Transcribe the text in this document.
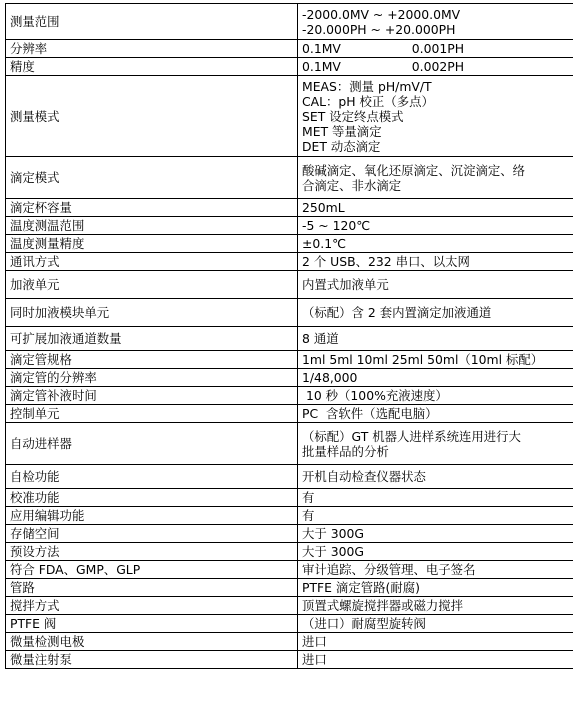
测量范围	-2000.0MV ~ +2000.0MV
-20.000PH ~ +20.000PH

分辨率	0.1MV                  0.001PH

精度	0.1MV                  0.002PH

测量模式	MEAS：测量 pH/mV/T
CAL：pH 校正（多点）
SET 设定终点模式
MET 等量滴定
DET 动态滴定

滴定模式	酸碱滴定、氧化还原滴定、沉淀滴定、络
合滴定、非水滴定

滴定杯容量	250mL

温度测温范围	-5 ~ 120℃

温度测量精度	±0.1℃

通讯方式	2 个 USB、232 串口、以太网

加液单元	内置式加液单元

同时加液模块单元	（标配）含 2 套内置滴定加液通道

可扩展加液通道数量	8 通道

滴定管规格	1ml 5ml 10ml 25ml 50ml（10ml 标配）

滴定管的分辨率	1/48,000

滴定管补液时间	10 秒（100%充液速度）

控制单元	PC  含软件（选配电脑）

自动进样器	（标配）GT 机器人进样系统连用进行大
批量样品的分析

自检功能	开机自动检查仪器状态

校准功能	有

应用编辑功能	有

存储空间	大于 300G

预设方法	大于 300G

符合 FDA、GMP、GLP	审计追踪、分级管理、电子签名

管路	PTFE 滴定管路(耐腐)

搅拌方式	顶置式螺旋搅拌器或磁力搅拌

PTFE 阀	（进口）耐腐型旋转阀

微量检测电极	进口

微量注射泵	进口
